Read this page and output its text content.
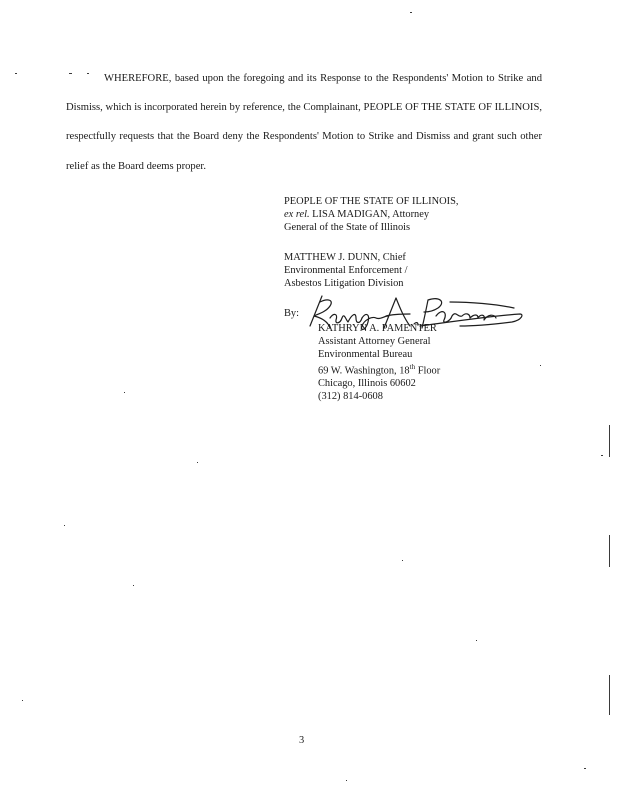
WHEREFORE, based upon the foregoing and its Response to the Respondents' Motion to Strike and Dismiss, which is incorporated herein by reference, the Complainant, PEOPLE OF THE STATE OF ILLINOIS, respectfully requests that the Board deny the Respondents' Motion to Strike and Dismiss and grant such other relief as the Board deems proper.
PEOPLE OF THE STATE OF ILLINOIS,
ex rel. LISA MADIGAN, Attorney
General of the State of Illinois
MATTHEW J. DUNN, Chief
Environmental Enforcement /
Asbestos Litigation Division
By:
KATHRYN A. PAMENTER
Assistant Attorney General
Environmental Bureau
69 W. Washington, 18th Floor
Chicago, Illinois 60602
(312) 814-0608
3
